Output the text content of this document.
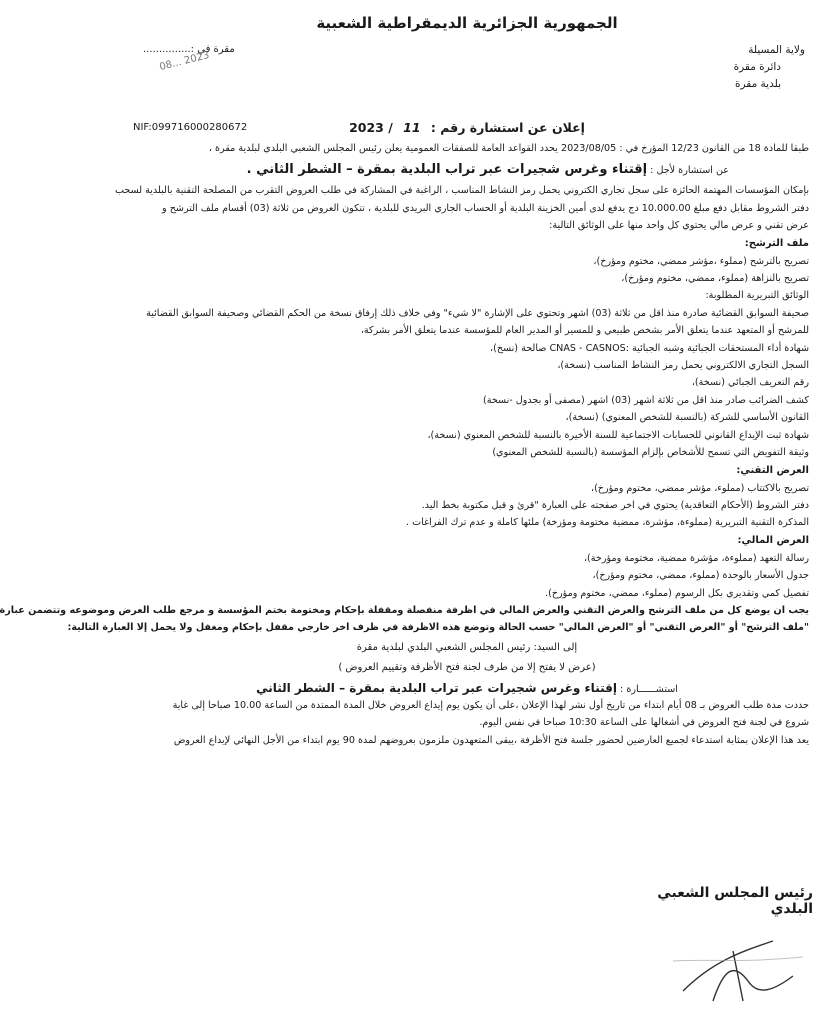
الجمهورية الجزائرية الديمقراطية الشعبية
ولاية المسيلة
دائرة مقرة
بلدية مقرة
مقرة في :...............
2023 ...08
إعلان عن استشارة رقم : 11 / 2023
NIF:099716000280672

طبقا للمادة 18 من القانون 12/23 المؤرخ في : 2023/08/05 يحدد القواعد العامة للصفقات العمومية يعلن رئيس المجلس الشعبي البلدي لبلدية مقرة ،

عن استشارة لأجل : إقتناء وغرس شجيرات عبر تراب البلدية بمقرة – الشطر الثاني .

بإمكان المؤسسات المهتمة الحائزة على سجل تجاري الكتروني يحمل رمز النشاط المناسب ، الراغبة في المشاركة في طلب العروض التقرب من المصلحة التقنية بالبلدية لسحب

دفتر الشروط مقابل دفع مبلغ 10.000.00 دج يدفع لدى أمين الخزينة البلدية أو الحساب الجاري البريدي للبلدية ، تتكون العروض من ثلاثة (03) أقسام ملف الترشح و

عرض تقني و عرض مالي يحتوي كل واحد منها على الوثائق التالية:

ملف الترشح:

تصريح بالترشح (مملوء ،مؤشر ممضي، مختوم ومؤرخ)،

تصريح بالنزاهة (مملوء، ممضي، مختوم ومؤرخ)،

الوثائق التبريرية المطلوبة:

صحيفة السوابق القضائية صادرة منذ اقل من ثلاثة (03) اشهر وتحتوي على الإشارة "لا شيء" وفي خلاف ذلك إرفاق نسخة من الحكم القضائي وصحيفة السوابق القضائية

للمرشح أو المتعهد عندما يتعلق الأمر بشخص طبيعي و للمسير أو المدير العام للمؤسسة عندما يتعلق الأمر بشركة،

شهادة أداء المستحقات الجبائية وشبه الجبائية :CNAS - CASNOS صالحة (نسخ)،

السجل التجاري الالكتروني يحمل رمز النشاط المناسب (نسخة)،

رقم التعريف الجبائي (نسخة)،

كشف الضرائب صادر منذ اقل من ثلاثة اشهر (03) اشهر (مصفى أو بجدول -نسخة)

القانون الأساسي للشركة (بالنسبة للشخص المعنوي) (نسخة)،

شهادة ثبت الإيداع القانوني للحسابات الاجتماعية للسنة الأخيرة بالنسبة للشخص المعنوي (نسخة)،

وثيقة التفويض التي تسمح للأشخاص بإلزام المؤسسة (بالنسبة للشخص المعنوي)

العرض التقني:

تصريح بالاكتتاب (مملوء، مؤشر ممضي، مختوم ومؤرخ)،

دفتر الشروط (الأحكام التعاقدية) يحتوي في اخر صفحته على العبارة "قرئ و قبل مكتوبة بخط اليد.

المذكرة التقنية التبريرية (مملوءة، مؤشرة، ممضية مختومة ومؤرخة) ملئها كاملة و عدم ترك الفراغات .

العرض المالي:

رسالة التعهد (مملوءة، مؤشرة ممضية، مختومة ومؤرخة)،

جدول الأسعار بالوحدة (مملوء، ممضي، مختوم ومؤرخ)،

تفصيل كمي وتقديري بكل الرسوم (مملوء، ممضي، مختوم ومؤرخ).

يجب ان يوضع كل من ملف الترشح والعرض التقني والعرض المالي في اظرفة منفصلة ومقفلة بإحكام ومختومة بختم المؤسسة و مرجع طلب العرض وموضوعه وتتضمن عبارة

"ملف الترشح" أو "العرض التقني" أو "العرض المالي" حسب الحالة وتوضع هذه الاظرفة في ظرف اخر خارجي مقفل بإحكام ومغفل ولا يحمل إلا العبارة التالية:

إلى السيد: رئيس المجلس الشعبي البلدي لبلدية مقرة

(عرض لا يفتح إلا من طرف لجنة فتح الأظرفة وتقييم العروض )

استشــــــارة : إقتناء وغرس شجيرات عبر تراب البلدية بمقرة – الشطر الثاني

حددت مدة طلب العروض بـ 08 أيام ابتداء من تاريخ أول نشر لهذا الإعلان ،على أن يكون يوم إيداع العروض خلال المدة الممتدة من الساعة 10.00 صباحا إلى غاية

شروع في لجنة فتح العروض في أشغالها على الساعة 10:30 صباحا في نفس اليوم.

يعد هذا الإعلان بمثابة استدعاء لجميع العارضين لحضور جلسة فتح الأظرفة ،يبقى المتعهدون ملزمون بعروضهم لمدة 90 يوم ابتداء من الأجل النهائي لإيداع العروض

رئيس المجلس الشعبي البلدي
